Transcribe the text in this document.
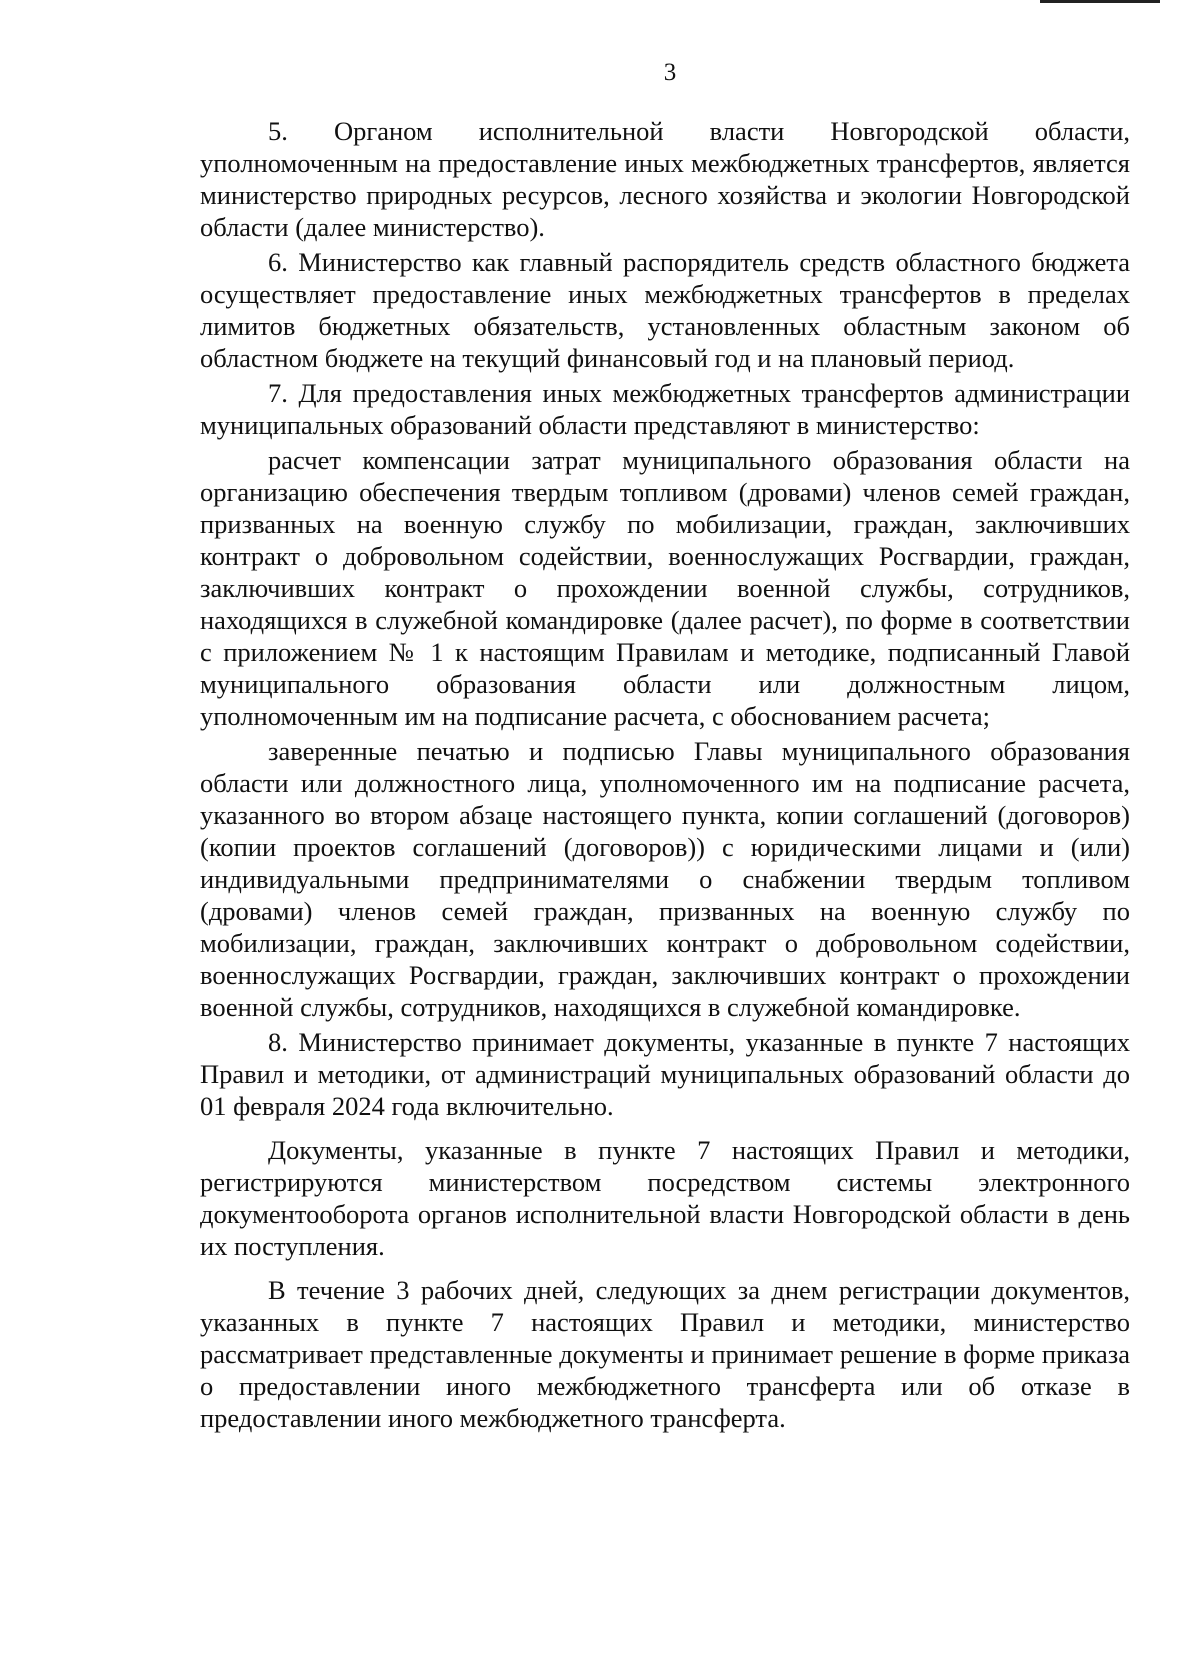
3

5. Органом исполнительной власти Новгородской области, уполномоченным на предоставление иных межбюджетных трансфертов, является министерство природных ресурсов, лесного хозяйства и экологии Новгородской области (далее министерство).

6. Министерство как главный распорядитель средств областного бюджета осуществляет предоставление иных межбюджетных трансфертов в пределах лимитов бюджетных обязательств, установленных областным законом об областном бюджете на текущий финансовый год и на плановый период.

7. Для предоставления иных межбюджетных трансфертов администрации муниципальных образований области представляют в министерство:

расчет компенсации затрат муниципального образования области на организацию обеспечения твердым топливом (дровами) членов семей граждан, призванных на военную службу по мобилизации, граждан, заключивших контракт о добровольном содействии, военнослужащих Росгвардии, граждан, заключивших контракт о прохождении военной службы, сотрудников, находящихся в служебной командировке (далее расчет), по форме в соответствии с приложением № 1 к настоящим Правилам и методике, подписанный Главой муниципального образования области или должностным лицом, уполномоченным им на подписание расчета, с обоснованием расчета;

заверенные печатью и подписью Главы муниципального образования области или должностного лица, уполномоченного им на подписание расчета, указанного во втором абзаце настоящего пункта, копии соглашений (договоров) (копии проектов соглашений (договоров)) с юридическими лицами и (или) индивидуальными предпринимателями о снабжении твердым топливом (дровами) членов семей граждан, призванных на военную службу по мобилизации, граждан, заключивших контракт о добровольном содействии, военнослужащих Росгвардии, граждан, заключивших контракт о прохождении военной службы, сотрудников, находящихся в служебной командировке.

8. Министерство принимает документы, указанные в пункте 7 настоящих Правил и методики, от администраций муниципальных образований области до 01 февраля 2024 года включительно.

Документы, указанные в пункте 7 настоящих Правил и методики, регистрируются министерством посредством системы электронного документооборота органов исполнительной власти Новгородской области в день их поступления.

В течение 3 рабочих дней, следующих за днем регистрации документов, указанных в пункте 7 настоящих Правил и методики, министерство рассматривает представленные документы и принимает решение в форме приказа о предоставлении иного межбюджетного трансферта или об отказе в предоставлении иного межбюджетного трансферта.
